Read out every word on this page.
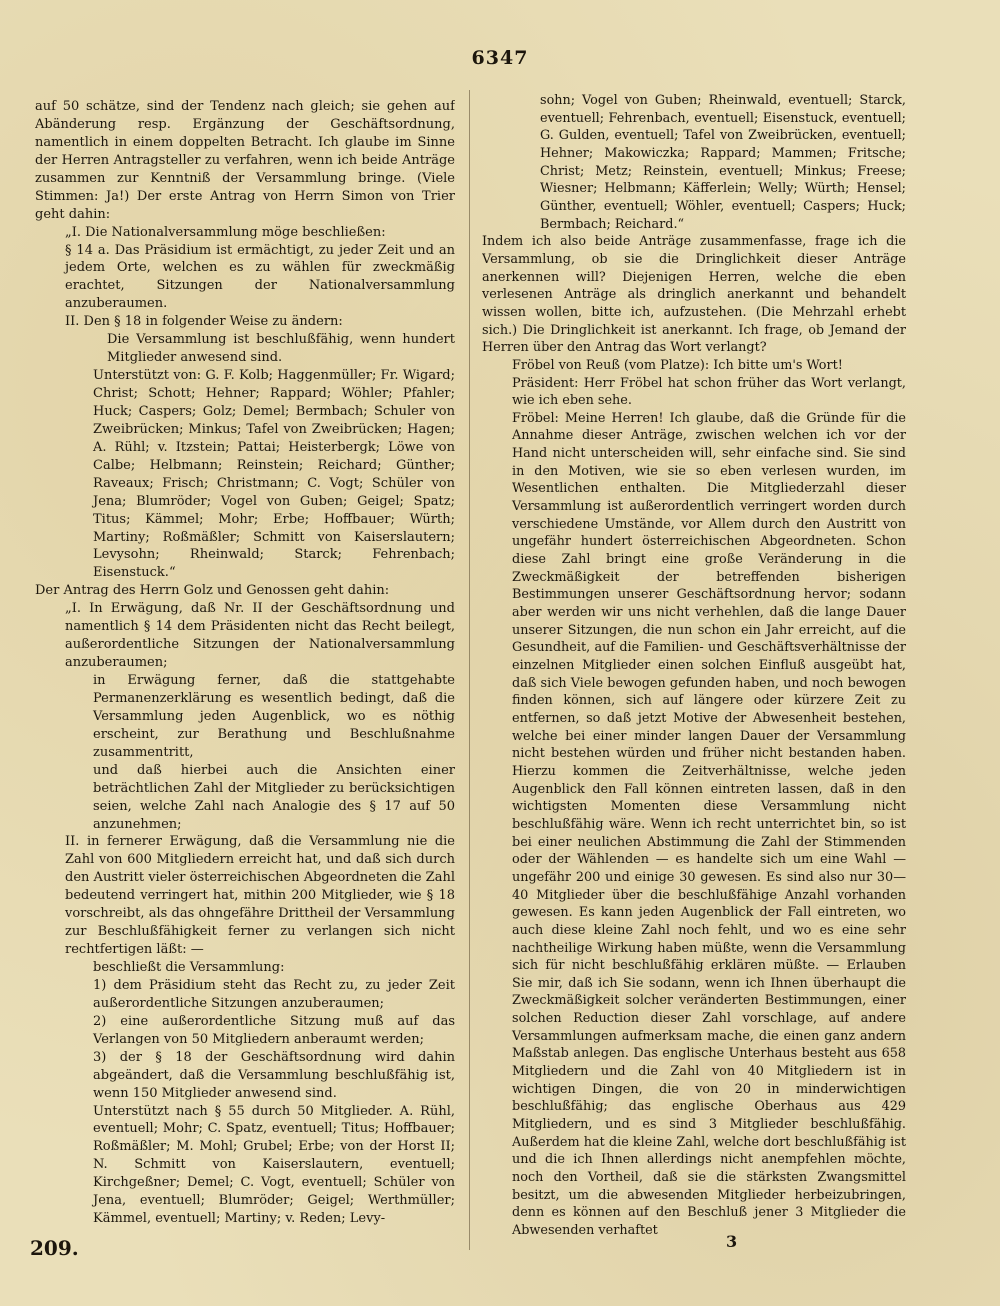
6347

auf 50 schätze, sind der Tendenz nach gleich; sie gehen auf Abänderung resp. Ergänzung der Geschäftsordnung, namentlich in einem doppelten Betracht. Ich glaube im Sinne der Herren Antragsteller zu verfahren, wenn ich beide Anträge zusammen zur Kenntniß der Versammlung bringe. (Viele Stimmen: Ja!) Der erste Antrag von Herrn Simon von Trier geht dahin:

„I. Die Nationalversammlung möge beschließen:

§ 14 a. Das Präsidium ist ermächtigt, zu jeder Zeit und an jedem Orte, welchen es zu wählen für zweckmäßig erachtet, Sitzungen der Nationalversammlung anzuberaumen.

II. Den § 18 in folgender Weise zu ändern:

Die Versammlung ist beschlußfähig, wenn hundert Mitglieder anwesend sind.

Unterstützt von: G. F. Kolb; Haggenmüller; Fr. Wigard; Christ; Schott; Hehner; Rappard; Wöhler; Pfahler; Huck; Caspers; Golz; Demel; Bermbach; Schuler von Zweibrücken; Minkus; Tafel von Zweibrücken; Hagen; A. Rühl; v. Itzstein; Pattai; Heisterbergk; Löwe von Calbe; Helbmann; Reinstein; Reichard; Günther; Raveaux; Frisch; Christmann; C. Vogt; Schüler von Jena; Blumröder; Vogel von Guben; Geigel; Spatz; Titus; Kämmel; Mohr; Erbe; Hoffbauer; Würth; Martiny; Roßmäßler; Schmitt von Kaiserslautern; Levysohn; Rheinwald; Starck; Fehrenbach; Eisenstuck.“

Der Antrag des Herrn Golz und Genossen geht dahin:

„I. In Erwägung, daß Nr. II der Geschäftsordnung und namentlich § 14 dem Präsidenten nicht das Recht beilegt, außerordentliche Sitzungen der Nationalversammlung anzuberaumen;

in Erwägung ferner, daß die stattgehabte Permanenzerklärung es wesentlich bedingt, daß die Versammlung jeden Augenblick, wo es nöthig erscheint, zur Berathung und Beschlußnahme zusammentritt,

und daß hierbei auch die Ansichten einer beträchtlichen Zahl der Mitglieder zu berücksichtigen seien, welche Zahl nach Analogie des § 17 auf 50 anzunehmen;

II. in fernerer Erwägung, daß die Versammlung nie die Zahl von 600 Mitgliedern erreicht hat, und daß sich durch den Austritt vieler österreichischen Abgeordneten die Zahl bedeutend verringert hat, mithin 200 Mitglieder, wie § 18 vorschreibt, als das ohngefähre Drittheil der Versammlung zur Beschlußfähigkeit ferner zu verlangen sich nicht rechtfertigen läßt: —

beschließt die Versammlung:

1) dem Präsidium steht das Recht zu, zu jeder Zeit außerordentliche Sitzungen anzuberaumen;

2) eine außerordentliche Sitzung muß auf das Verlangen von 50 Mitgliedern anberaumt werden;

3) der § 18 der Geschäftsordnung wird dahin abgeändert, daß die Versammlung beschlußfähig ist, wenn 150 Mitglieder anwesend sind.

Unterstützt nach § 55 durch 50 Mitglieder. A. Rühl, eventuell; Mohr; C. Spatz, eventuell; Titus; Hoffbauer; Roßmäßler; M. Mohl; Grubel; Erbe; von der Horst II; N. Schmitt von Kaiserslautern, eventuell; Kirchgeßner; Demel; C. Vogt, eventuell; Schüler von Jena, eventuell; Blumröder; Geigel; Werthmüller; Kämmel, eventuell; Martiny; v. Reden; Levy-

sohn; Vogel von Guben; Rheinwald, eventuell; Starck, eventuell; Fehrenbach, eventuell; Eisenstuck, eventuell; G. Gulden, eventuell; Tafel von Zweibrücken, eventuell; Hehner; Makowiczka; Rappard; Mammen; Fritsche; Christ; Metz; Reinstein, eventuell; Minkus; Freese; Wiesner; Helbmann; Käfferlein; Welly; Würth; Hensel; Günther, eventuell; Wöhler, eventuell; Caspers; Huck; Bermbach; Reichard.“

Indem ich also beide Anträge zusammenfasse, frage ich die Versammlung, ob sie die Dringlichkeit dieser Anträge anerkennen will? Diejenigen Herren, welche die eben verlesenen Anträge als dringlich anerkannt und behandelt wissen wollen, bitte ich, aufzustehen. (Die Mehrzahl erhebt sich.) Die Dringlichkeit ist anerkannt. Ich frage, ob Jemand der Herren über den Antrag das Wort verlangt?

Fröbel von Reuß (vom Platze): Ich bitte um's Wort!

Präsident: Herr Fröbel hat schon früher das Wort verlangt, wie ich eben sehe.

Fröbel: Meine Herren! Ich glaube, daß die Gründe für die Annahme dieser Anträge, zwischen welchen ich vor der Hand nicht unterscheiden will, sehr einfache sind. Sie sind in den Motiven, wie sie so eben verlesen wurden, im Wesentlichen enthalten. Die Mitgliederzahl dieser Versammlung ist außerordentlich verringert worden durch verschiedene Umstände, vor Allem durch den Austritt von ungefähr hundert österreichischen Abgeordneten. Schon diese Zahl bringt eine große Veränderung in die Zweckmäßigkeit der betreffenden bisherigen Bestimmungen unserer Geschäftsordnung hervor; sodann aber werden wir uns nicht verhehlen, daß die lange Dauer unserer Sitzungen, die nun schon ein Jahr erreicht, auf die Gesundheit, auf die Familien- und Geschäftsverhältnisse der einzelnen Mitglieder einen solchen Einfluß ausgeübt hat, daß sich Viele bewogen gefunden haben, und noch bewogen finden können, sich auf längere oder kürzere Zeit zu entfernen, so daß jetzt Motive der Abwesenheit bestehen, welche bei einer minder langen Dauer der Versammlung nicht bestehen würden und früher nicht bestanden haben. Hierzu kommen die Zeitverhältnisse, welche jeden Augenblick den Fall können eintreten lassen, daß in den wichtigsten Momenten diese Versammlung nicht beschlußfähig wäre. Wenn ich recht unterrichtet bin, so ist bei einer neulichen Abstimmung die Zahl der Stimmenden oder der Wählenden — es handelte sich um eine Wahl — ungefähr 200 und einige 30 gewesen. Es sind also nur 30—40 Mitglieder über die beschlußfähige Anzahl vorhanden gewesen. Es kann jeden Augenblick der Fall eintreten, wo auch diese kleine Zahl noch fehlt, und wo es eine sehr nachtheilige Wirkung haben müßte, wenn die Versammlung sich für nicht beschlußfähig erklären müßte. — Erlauben Sie mir, daß ich Sie sodann, wenn ich Ihnen überhaupt die Zweckmäßigkeit solcher veränderten Bestimmungen, einer solchen Reduction dieser Zahl vorschlage, auf andere Versammlungen aufmerksam mache, die einen ganz andern Maßstab anlegen. Das englische Unterhaus besteht aus 658 Mitgliedern und die Zahl von 40 Mitgliedern ist in wichtigen Dingen, die von 20 in minderwichtigen beschlußfähig; das englische Oberhaus aus 429 Mitgliedern, und es sind 3 Mitglieder beschlußfähig. Außerdem hat die kleine Zahl, welche dort beschlußfähig ist und die ich Ihnen allerdings nicht anempfehlen möchte, noch den Vortheil, daß sie die stärksten Zwangsmittel besitzt, um die abwesenden Mitglieder herbeizubringen, denn es können auf den Beschluß jener 3 Mitglieder die Abwesenden verhaftet

209.	3
